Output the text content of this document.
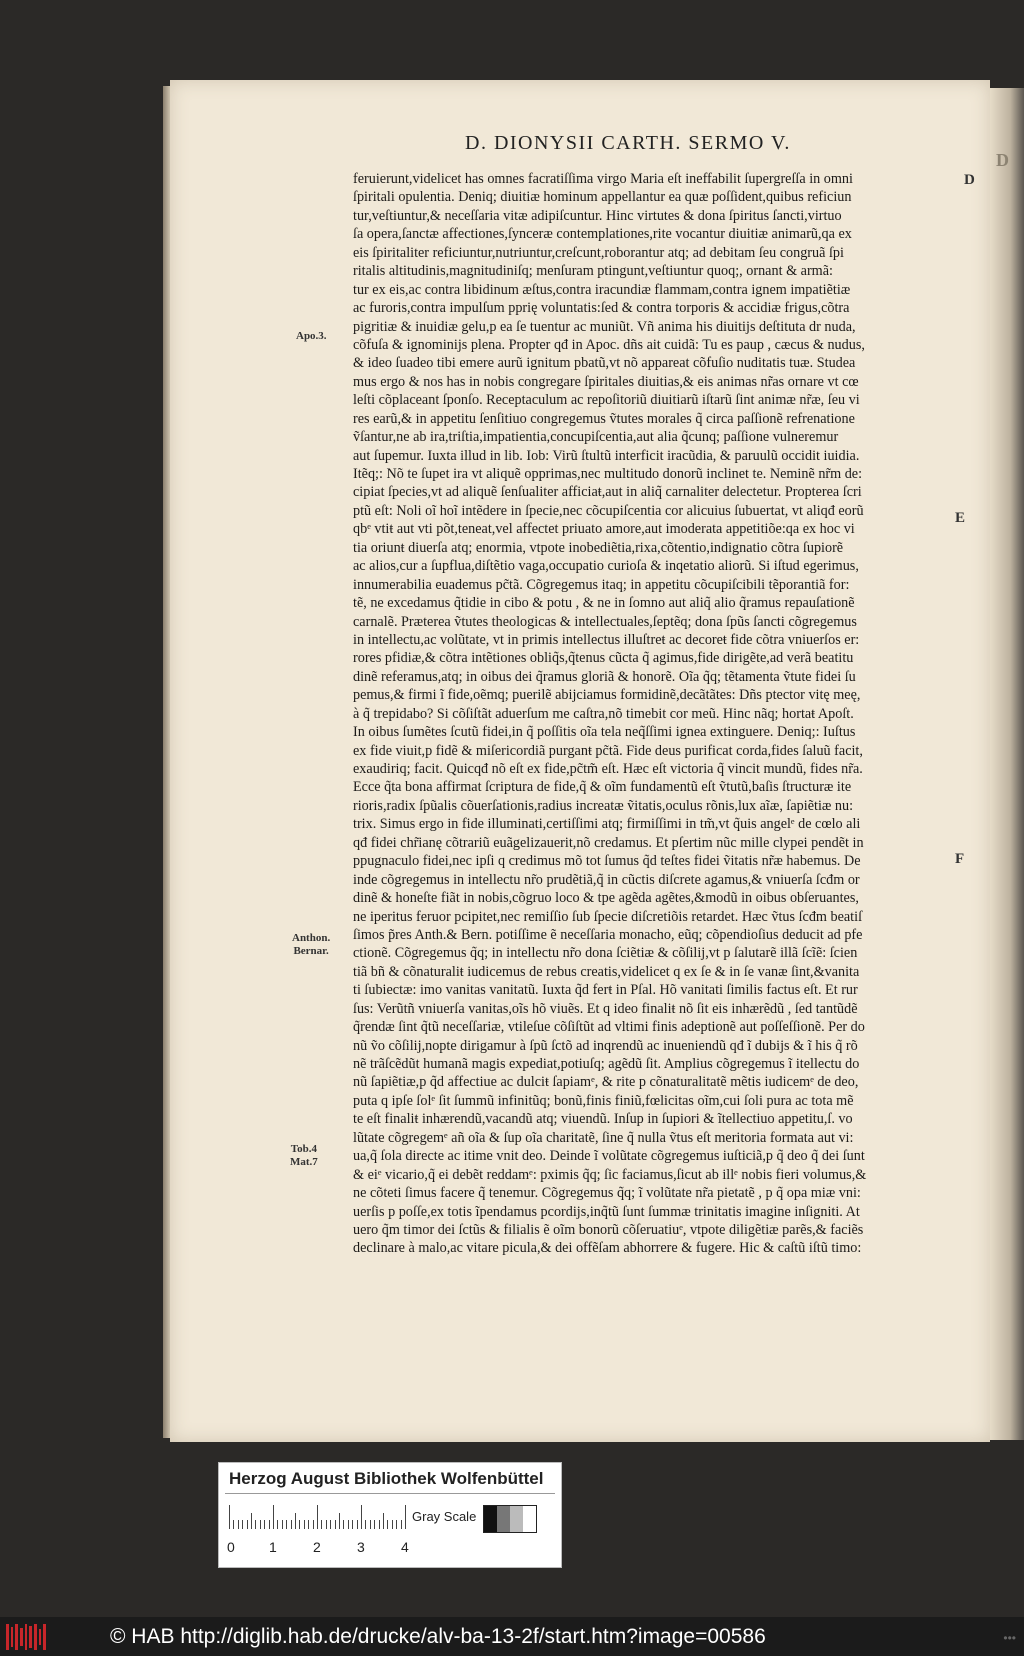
D
D. DIONYSII CARTH. SERMO V.
feruierunt,videlicet has omnes facratiſſima virgo Maria eſt ineffabilit ſupergreſſa in omni
ſpiritali opulentia. Deniq; diuitiæ hominum appellantur ea quæ poſſident,quibus reficiun
tur,veſtiuntur,& neceſſaria vitæ adipiſcuntur. Hinc virtutes & dona ſpiritus ſancti,virtuo
ſa opera,ſanctæ affectiones,ſynceræ contemplationes,rite vocantur diuitiæ animarũ,qa ex
eis ſpiritaliter reficiuntur,nutriuntur,creſcunt,roborantur atq; ad debitam ſeu congruã ſpi
ritalis altitudinis,magnitudiniſq; menſuram ptingunt,veſtiuntur quoq;, ornant & armã:
tur ex eis,ac contra libidinum æſtus,contra iracundiæ flammam,contra ignem impatiẽtiæ
ac furoris,contra impulſum pprię voluntatis:ſed & contra torporis & accidiæ frigus,cõtra
pigritiæ & inuidiæ gelu,p ea ſe tuentur ac muniũt. Vñ anima his diuitijs deſtituta dr nuda,
cõfuſa & ignominijs plena. Propter qđ in Apoc. dñs ait cuidã: Tu es paup , cæcus & nudus,
& ideo ſuadeo tibi emere aurũ ignitum pbatũ,vt nõ appareat cõfuſio nuditatis tuæ. Studea
mus ergo & nos has in nobis congregare ſpiritales diuitias,& eis animas nr̃as ornare vt cœ
leſti cõplaceant ſponſo. Receptaculum ac repoſitoriũ diuitiarũ iſtarũ ſint animæ nr̃æ, ſeu vi
res earũ,& in appetitu ſenſitiuo congregemus ṽtutes morales q̃ circa paſſionẽ refrenatione
ṽſantur,ne ab ira,triſtia,impatientia,concupiſcentia,aut alia q̃cunq; paſſione vulneremur
aut ſupemur. Iuxta illud in lib. Iob: Virũ ſtultũ interficit iracũdia, & paruulũ occidit iuidia.
Itẽq;: Nõ te ſupet ira vt aliquẽ opprimas,nec multitudo donorũ inclinet te. Neminẽ nr̃m de:
cipiat ſpecies,vt ad aliquẽ ſenſualiter afficiaŧ,aut in aliq̃ carnaliter delectetur. Propterea ſcri
ptũ eſt: Noli oĩ hoĩ intẽdere in ſpecie,nec cõcupiſcentia cor alicuius ſubuertat, vt aliqđ eorũ
qbᵉ vtiŧ aut vti põt,teneat,vel affectet priuato amore,aut imoderata appetitiõe:qa ex hoc vi
tia oriunŧ diuerſa atq; enormia, vtpote inobediẽtia,rixa,cõtentio,indignatio cõtra ſupiorẽ
ac alios,cur a ſupflua,diſtẽtio vaga,occupatio curioſa & inqetatio aliorũ. Si iſtud egerimus,
innumerabilia euademus pc̃tã. Cõgregemus itaq; in appetitu cõcupiſcibili tẽporantiã for:
tẽ, ne excedamus q̃tidie in cibo & potu , & ne in ſomno aut aliq̃ alio q̃ramus repauſationẽ
carnalẽ. Præterea ṽtutes theologicas & intellectuales,ſeptẽq; dona ſpũs ſancti cõgregemus
in intellectu,ac volũtate, vt in primis intellectus illuſtreŧ ac decoreŧ fide cõtra vniuerſos er:
rores pfidiæ,& cõtra intẽtiones obliq̃s,q̃tenus cũcta q̃ agimus,fide dirigẽte,ad verã beatitu
dinẽ referamus,atq; in oibus dei q̃ramus gloriã & honorẽ. Oĩa q̃q; tẽtamenta ṽtute fidei ſu
pemus,& firmi ĩ fide,oẽmq; puerilẽ abijciamus formidinẽ,decãtãtes: Dñs ptector vitę meę,
à q̃ trepidabo? Si cõſiſtãt aduerſum me caſtra,nõ timebit cor meũ. Hinc nãq; hortaŧ Apoſt.
In oibus ſumẽtes ſcutũ fidei,in q̃ poſſitis oĩa tela neq̃ſſimi ignea extinguere. Deniq;: Iuſtus
ex fide viuit,p fidẽ & miſericordiã purganŧ pc̃tã. Fide deus purificat corda,fides ſaluũ facit,
exaudiriq; facit. Quicqđ nõ eſt ex fide,pc̃tm̃ eſt. Hæc eſt victoria q̃ vincit mundũ, fides nr̃a.
Ecce q̃ta bona affirmat ſcriptura de fide,q̃ & oĩm fundamentũ eſt ṽtutũ,baſis ſtructuræ ite
rioris,radix ſpũalis cõuerſationis,radius increatæ ṽitatis,oculus rõnis,lux aĩæ, ſapiẽtiæ nu:
trix. Simus ergo in fide illuminati,certiſſimi atq; firmiſſimi in tm̃,vt q̃uis angelᵉ de cœlo ali
qđ fidei chr̃ianę cõtrariũ euãgelizauerit,nõ credamus. Et pſertim nũc mille clypei pendẽt in
ppugnaculo fidei,nec ipſi q credimus mõ tot ſumus q̃d teſtes fidei ṽitatis nr̃æ habemus. De
inde cõgregemus in intellectu nr̃o prudẽtiã,q̃ in cũctis diſcrete agamus,& vniuerſa ſcđm or
dinẽ & honeſte fiãt in nobis,cõgruo loco & tpe agẽda agẽtes,&modũ in oibus obſeruantes,
ne iperitus feruor pcipitet,nec remiſſio ſub ſpecie diſcretiõis retardet. Hæc ṽtus ſcđm beatiſ
ſimos p̃res Anth.& Bern. potiſſime ẽ neceſſaria monacho, eũq; cõpendioſius deducit ad pfe
ctionẽ. Cõgregemus q̃q; in intellectu nr̃o dona ſciẽtiæ & cõſilij,vt p ſalutarẽ illã ſcĩẽ: ſcien
tiã bñ & cõnaturaliŧ iudicemus de rebus creatis,videlicet q ex ſe & in ſe vanæ ſint,&vanita
ti ſubiectæ: imo vanitas vanitatũ. Iuxta q̃d ferŧ in Pſal. Hõ vanitati ſimilis factus eſt. Et rur
ſus: Verũtñ vniuerſa vanitas,oĩs hõ viuẽs. Et q ideo finaliŧ nõ ſit eis inhærẽdũ , ſed tantũdẽ
q̃rendæ ſint q̃tũ neceſſariæ, vtileſue cõſiſtũt ad vltimi finis adeptionẽ aut poſſeſſionẽ. Per do
nũ ṽo cõſilij,nopte dirigamur à ſpũ ſctõ ad inqrendũ ac inueniendũ qđ ĩ dubijs & ĩ his q̃ rõ
nẽ trãſcẽdũt humanã magis expediat,potiuſq; agẽdũ ſit. Amplius cõgregemus ĩ itellectu do
nũ ſapiẽtiæ,p q̃d affectiue ac dulciŧ ſapiamᵉ, & rite p cõnaturalitatẽ mẽtis iudicemᵉ de deo,
puta q ipſe ſolᵉ ſit ſummũ infinitũq; bonũ,finis finiũ,fœlicitas oĩm,cui ſoli pura ac tota mẽ
te eſt finaliŧ inhærendũ,vacandũ atq; viuendũ. Inſup in ſupiori & ĩtellectiuo appetitu,ſ. vo
lũtate cõgregemᵉ añ oĩa & ſup oĩa charitatẽ, ſine q̃ nulla ṽtus eſt meritoria formata aut vi:
ua,q̃ ſola directe ac itime vnit deo. Deinde ĩ volũtate cõgregemus iuſticiã,p q̃ deo q̃ dei ſunt
& eiᵉ vicario,q̃ ei debẽt reddamᵉ: pximis q̃q; ſic faciamus,ſicut ab illᵉ nobis fieri volumus,&
ne cõteti ſimus facere q̃ tenemur. Cõgregemus q̃q; ĩ volũtate nr̃a pietatẽ , p q̃ opa miæ vni:
uerſis p poſſe,ex totis ĩpendamus pcordijs,inq̃tũ ſunt ſummæ trinitatis imagine inſigniti. At
uero q̃m timor dei ſctũs & filialis ẽ oĩm bonorũ cõſeruatiuᵉ, vtpote diligẽtiæ parẽs,& faciẽs
declinare à malo,ac vitare picula,& dei offẽſam abhorrere & fugere. Hic & caſtũ iſtũ timo:
D
E
F
Apo.3.
Anthon.
Bernar.
Tob.4
Mat.7
Herzog August Bibliothek Wolfenbüttel
0 1	2	3	4
Gray Scale
© HAB http://diglib.hab.de/drucke/alv-ba-13-2f/start.htm?image=00586	•••
